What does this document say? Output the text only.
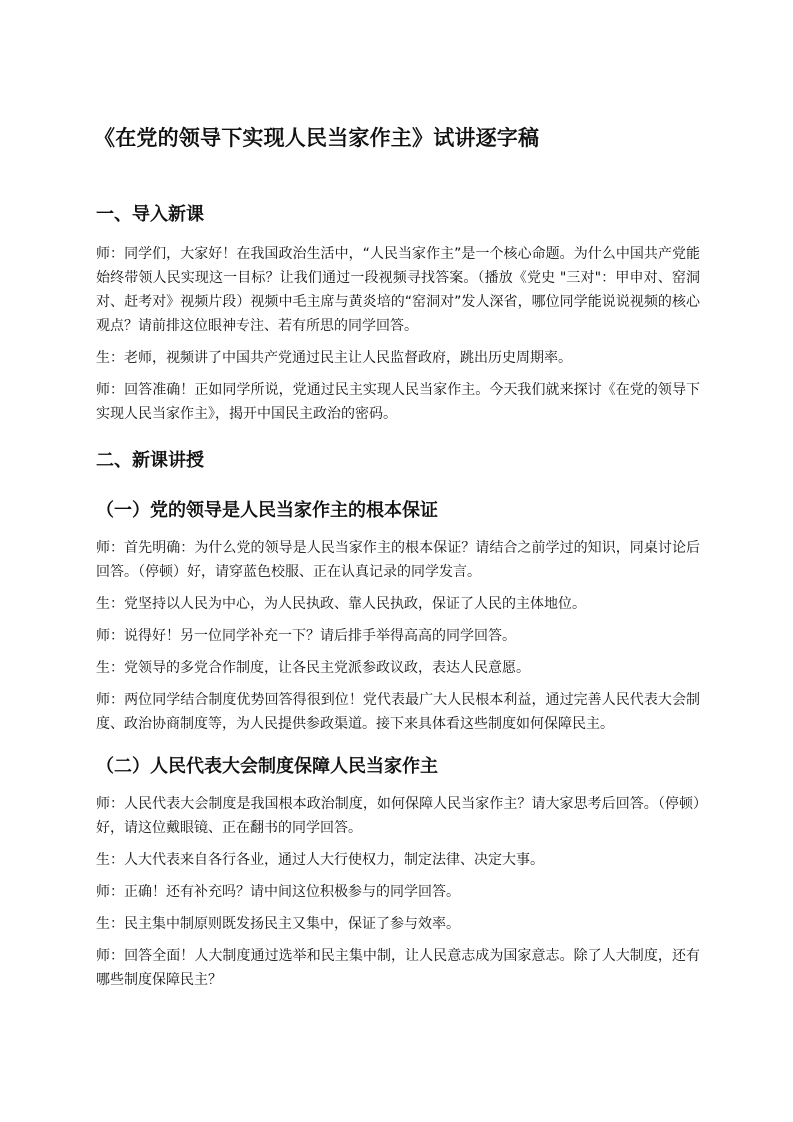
《在党的领导下实现人民当家作主》试讲逐字稿
一、导入新课

师：同学们，大家好！在我国政治生活中，“人民当家作主”是一个核心命题。为什么中国共产党能始终带领人民实现这一目标？让我们通过一段视频寻找答案。（播放《党史 "三对"：甲申对、窑洞对、赶考对》视频片段）视频中毛主席与黄炎培的“窑洞对”发人深省，哪位同学能说说视频的核心观点？请前排这位眼神专注、若有所思的同学回答。

生：老师，视频讲了中国共产党通过民主让人民监督政府，跳出历史周期率。

师：回答准确！正如同学所说，党通过民主实现人民当家作主。今天我们就来探讨《在党的领导下实现人民当家作主》，揭开中国民主政治的密码。

二、新课讲授
（一）党的领导是人民当家作主的根本保证

师：首先明确：为什么党的领导是人民当家作主的根本保证？请结合之前学过的知识，同桌讨论后回答。（停顿）好，请穿蓝色校服、正在认真记录的同学发言。

生：党坚持以人民为中心，为人民执政、靠人民执政，保证了人民的主体地位。

师：说得好！另一位同学补充一下？请后排手举得高高的同学回答。

生：党领导的多党合作制度，让各民主党派参政议政，表达人民意愿。

师：两位同学结合制度优势回答得很到位！党代表最广大人民根本利益，通过完善人民代表大会制度、政治协商制度等，为人民提供参政渠道。接下来具体看这些制度如何保障民主。

（二）人民代表大会制度保障人民当家作主

师：人民代表大会制度是我国根本政治制度，如何保障人民当家作主？请大家思考后回答。（停顿）好，请这位戴眼镜、正在翻书的同学回答。

生：人大代表来自各行各业，通过人大行使权力，制定法律、决定大事。

师：正确！还有补充吗？请中间这位积极参与的同学回答。

生：民主集中制原则既发扬民主又集中，保证了参与效率。

师：回答全面！人大制度通过选举和民主集中制，让人民意志成为国家意志。除了人大制度，还有哪些制度保障民主？
